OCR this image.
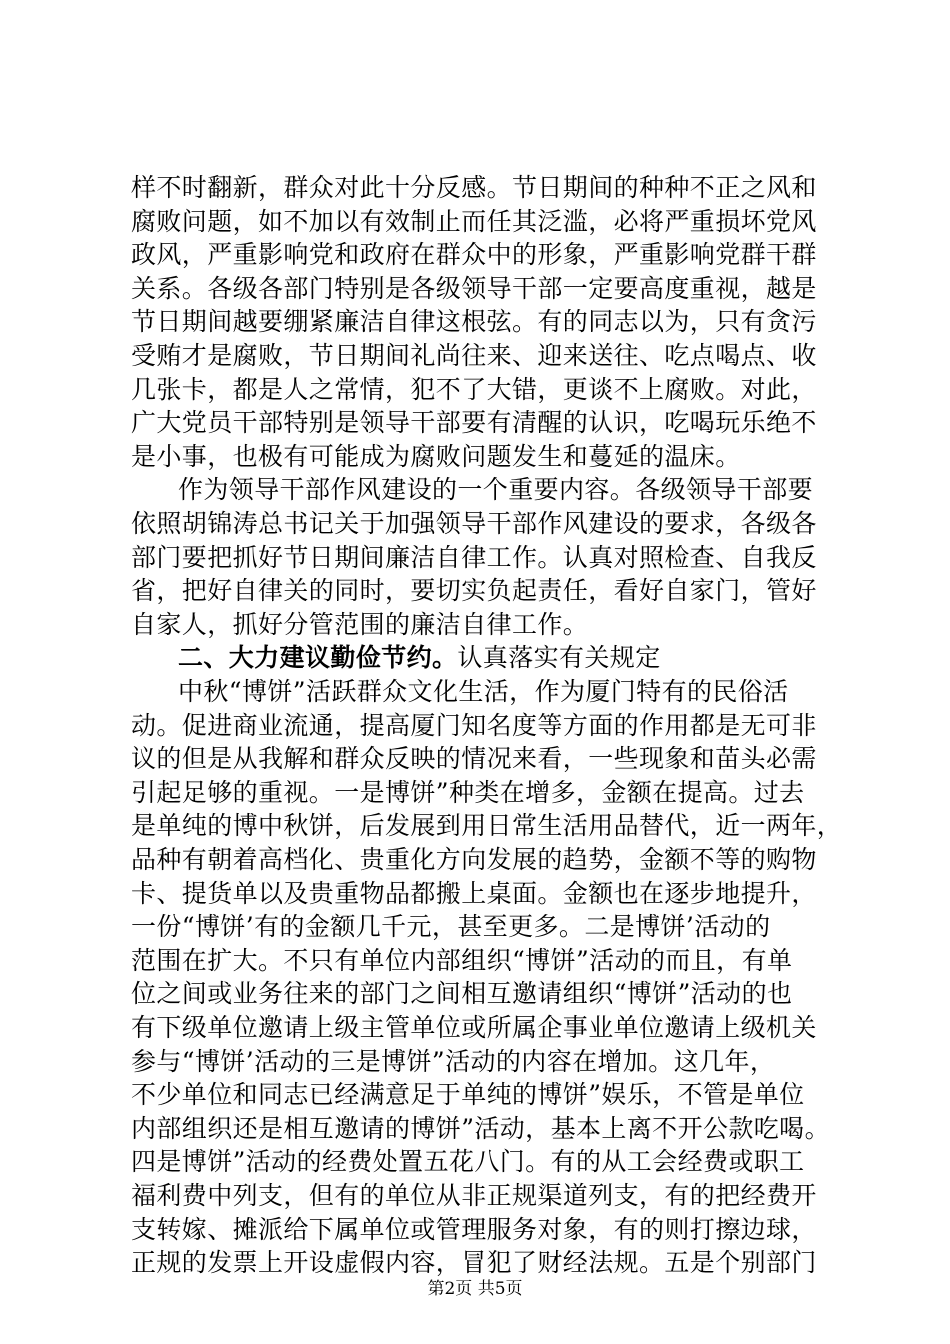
样不时翻新，群众对此十分反感。节日期间的种种不正之风和
腐败问题，如不加以有效制止而任其泛滥，必将严重损坏党风
政风，严重影响党和政府在群众中的形象，严重影响党群干群
关系。各级各部门特别是各级领导干部一定要高度重视，越是
节日期间越要绷紧廉洁自律这根弦。有的同志以为，只有贪污
受贿才是腐败，节日期间礼尚往来、迎来送往、吃点喝点、收
几张卡，都是人之常情，犯不了大错，更谈不上腐败。对此，
广大党员干部特别是领导干部要有清醒的认识，吃喝玩乐绝不
是小事，也极有可能成为腐败问题发生和蔓延的温床。
作为领导干部作风建设的一个重要内容。各级领导干部要
依照胡锦涛总书记关于加强领导干部作风建设的要求，各级各
部门要把抓好节日期间廉洁自律工作。认真对照检查、自我反
省，把好自律关的同时，要切实负起责任，看好自家门，管好
自家人，抓好分管范围的廉洁自律工作。
二、大力建议勤俭节约。认真落实有关规定
中秋“博饼”活跃群众文化生活，作为厦门特有的民俗活
动。促进商业流通，提高厦门知名度等方面的作用都是无可非
议的但是从我解和群众反映的情况来看，一些现象和苗头必需
引起足够的重视。一是博饼”种类在增多，金额在提高。过去
是单纯的博中秋饼，后发展到用日常生活用品替代，近一两年，
品种有朝着高档化、贵重化方向发展的趋势，金额不等的购物
卡、提货单以及贵重物品都搬上桌面。金额也在逐步地提升，
一份“博饼’有的金额几千元，甚至更多。二是博饼’活动的
范围在扩大。不只有单位内部组织“博饼”活动的而且，有单
位之间或业务往来的部门之间相互邀请组织“博饼”活动的也
有下级单位邀请上级主管单位或所属企事业单位邀请上级机关
参与“博饼’活动的三是博饼”活动的内容在增加。这几年，
不少单位和同志已经满意足于单纯的博饼”娱乐，不管是单位
内部组织还是相互邀请的博饼”活动，基本上离不开公款吃喝。
四是博饼”活动的经费处置五花八门。有的从工会经费或职工
福利费中列支，但有的单位从非正规渠道列支，有的把经费开
支转嫁、摊派给下属单位或管理服务对象，有的则打擦边球，
正规的发票上开设虚假内容，冒犯了财经法规。五是个别部门
第2页 共5页
